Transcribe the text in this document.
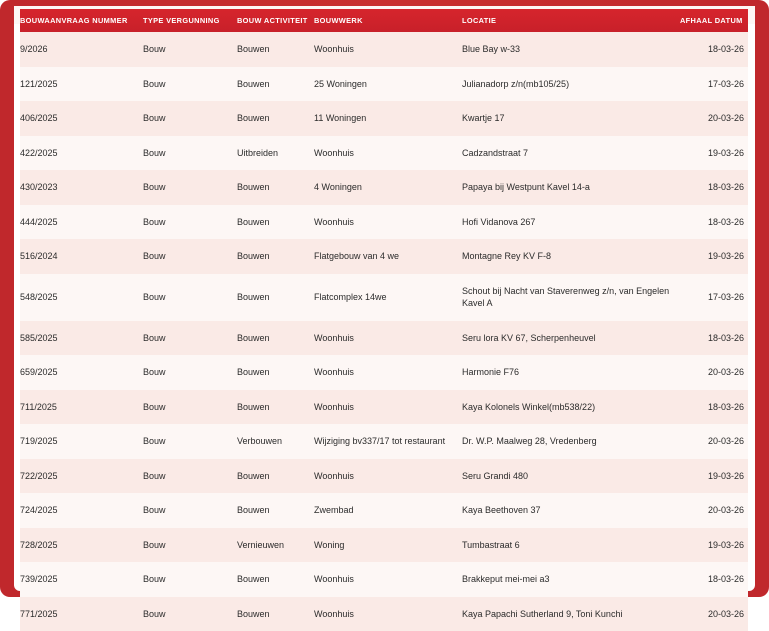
BOUWAANVRAAG NUMMER	TYPE VERGUNNING	BOUW ACTIVITEIT	BOUWWERK	LOCATIE	AFHAAL DATUM
9/2026	Bouw	Bouwen	Woonhuis	Blue Bay w-33	18-03-26
121/2025	Bouw	Bouwen	25 Woningen	Julianadorp z/n(mb105/25)	17-03-26
406/2025	Bouw	Bouwen	11 Woningen	Kwartje 17	20-03-26
422/2025	Bouw	Uitbreiden	Woonhuis	Cadzandstraat 7	19-03-26
430/2023	Bouw	Bouwen	4 Woningen	Papaya bij Westpunt Kavel 14-a	18-03-26
444/2025	Bouw	Bouwen	Woonhuis	Hofi Vidanova 267	18-03-26
516/2024	Bouw	Bouwen	Flatgebouw van 4 we	Montagne Rey KV F-8	19-03-26
548/2025	Bouw	Bouwen	Flatcomplex 14we	Schout bij Nacht van Staverenweg z/n, van Engelen Kavel A	17-03-26
585/2025	Bouw	Bouwen	Woonhuis	Seru lora KV 67, Scherpenheuvel	18-03-26
659/2025	Bouw	Bouwen	Woonhuis	Harmonie F76	20-03-26
711/2025	Bouw	Bouwen	Woonhuis	Kaya Kolonels Winkel(mb538/22)	18-03-26
719/2025	Bouw	Verbouwen	Wijziging bv337/17 tot restaurant	Dr. W.P. Maalweg 28, Vredenberg	20-03-26
722/2025	Bouw	Bouwen	Woonhuis	Seru Grandi 480	19-03-26
724/2025	Bouw	Bouwen	Zwembad	Kaya Beethoven 37	20-03-26
728/2025	Bouw	Vernieuwen	Woning	Tumbastraat 6	19-03-26
739/2025	Bouw	Bouwen	Woonhuis	Brakkeput mei-mei a3	18-03-26
771/2025	Bouw	Bouwen	Woonhuis	Kaya Papachi Sutherland 9, Toni Kunchi	20-03-26
